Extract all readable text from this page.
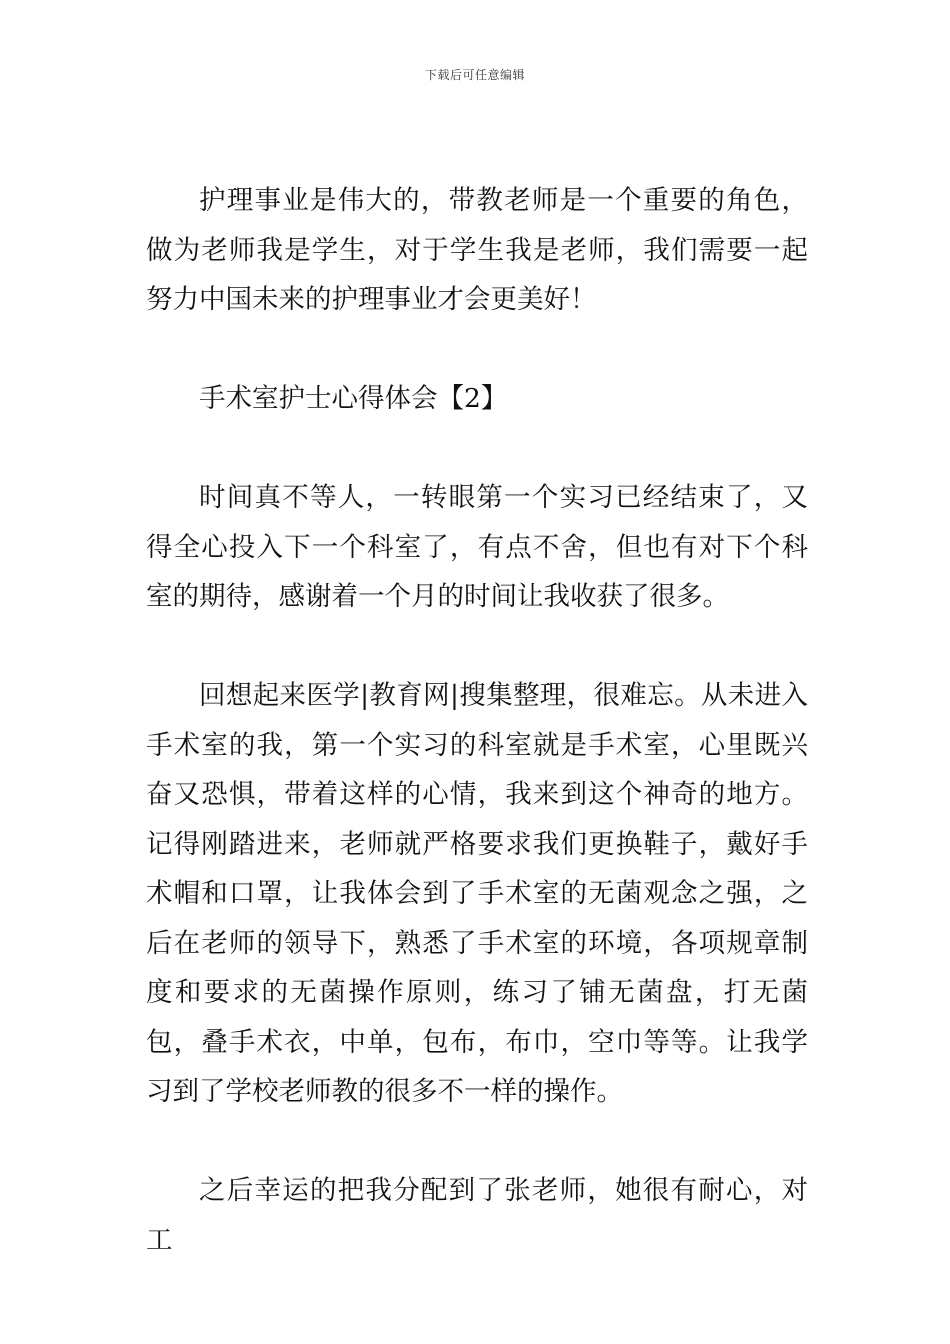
下载后可任意编辑

护理事业是伟大的，带教老师是一个重要的角色，做为老师我是学生，对于学生我是老师，我们需要一起努力中国未来的护理事业才会更美好！

手术室护士心得体会【2】

时间真不等人，一转眼第一个实习已经结束了，又得全心投入下一个科室了，有点不舍，但也有对下个科室的期待，感谢着一个月的时间让我收获了很多。

回想起来医学|教育网|搜集整理，很难忘。从未进入手术室的我，第一个实习的科室就是手术室，心里既兴奋又恐惧，带着这样的心情，我来到这个神奇的地方。记得刚踏进来，老师就严格要求我们更换鞋子，戴好手术帽和口罩，让我体会到了手术室的无菌观念之强，之后在老师的领导下，熟悉了手术室的环境，各项规章制度和要求的无菌操作原则，练习了铺无菌盘，打无菌包，叠手术衣，中单，包布，布巾，空巾等等。让我学习到了学校老师教的很多不一样的操作。

之后幸运的把我分配到了张老师，她很有耐心，对工
